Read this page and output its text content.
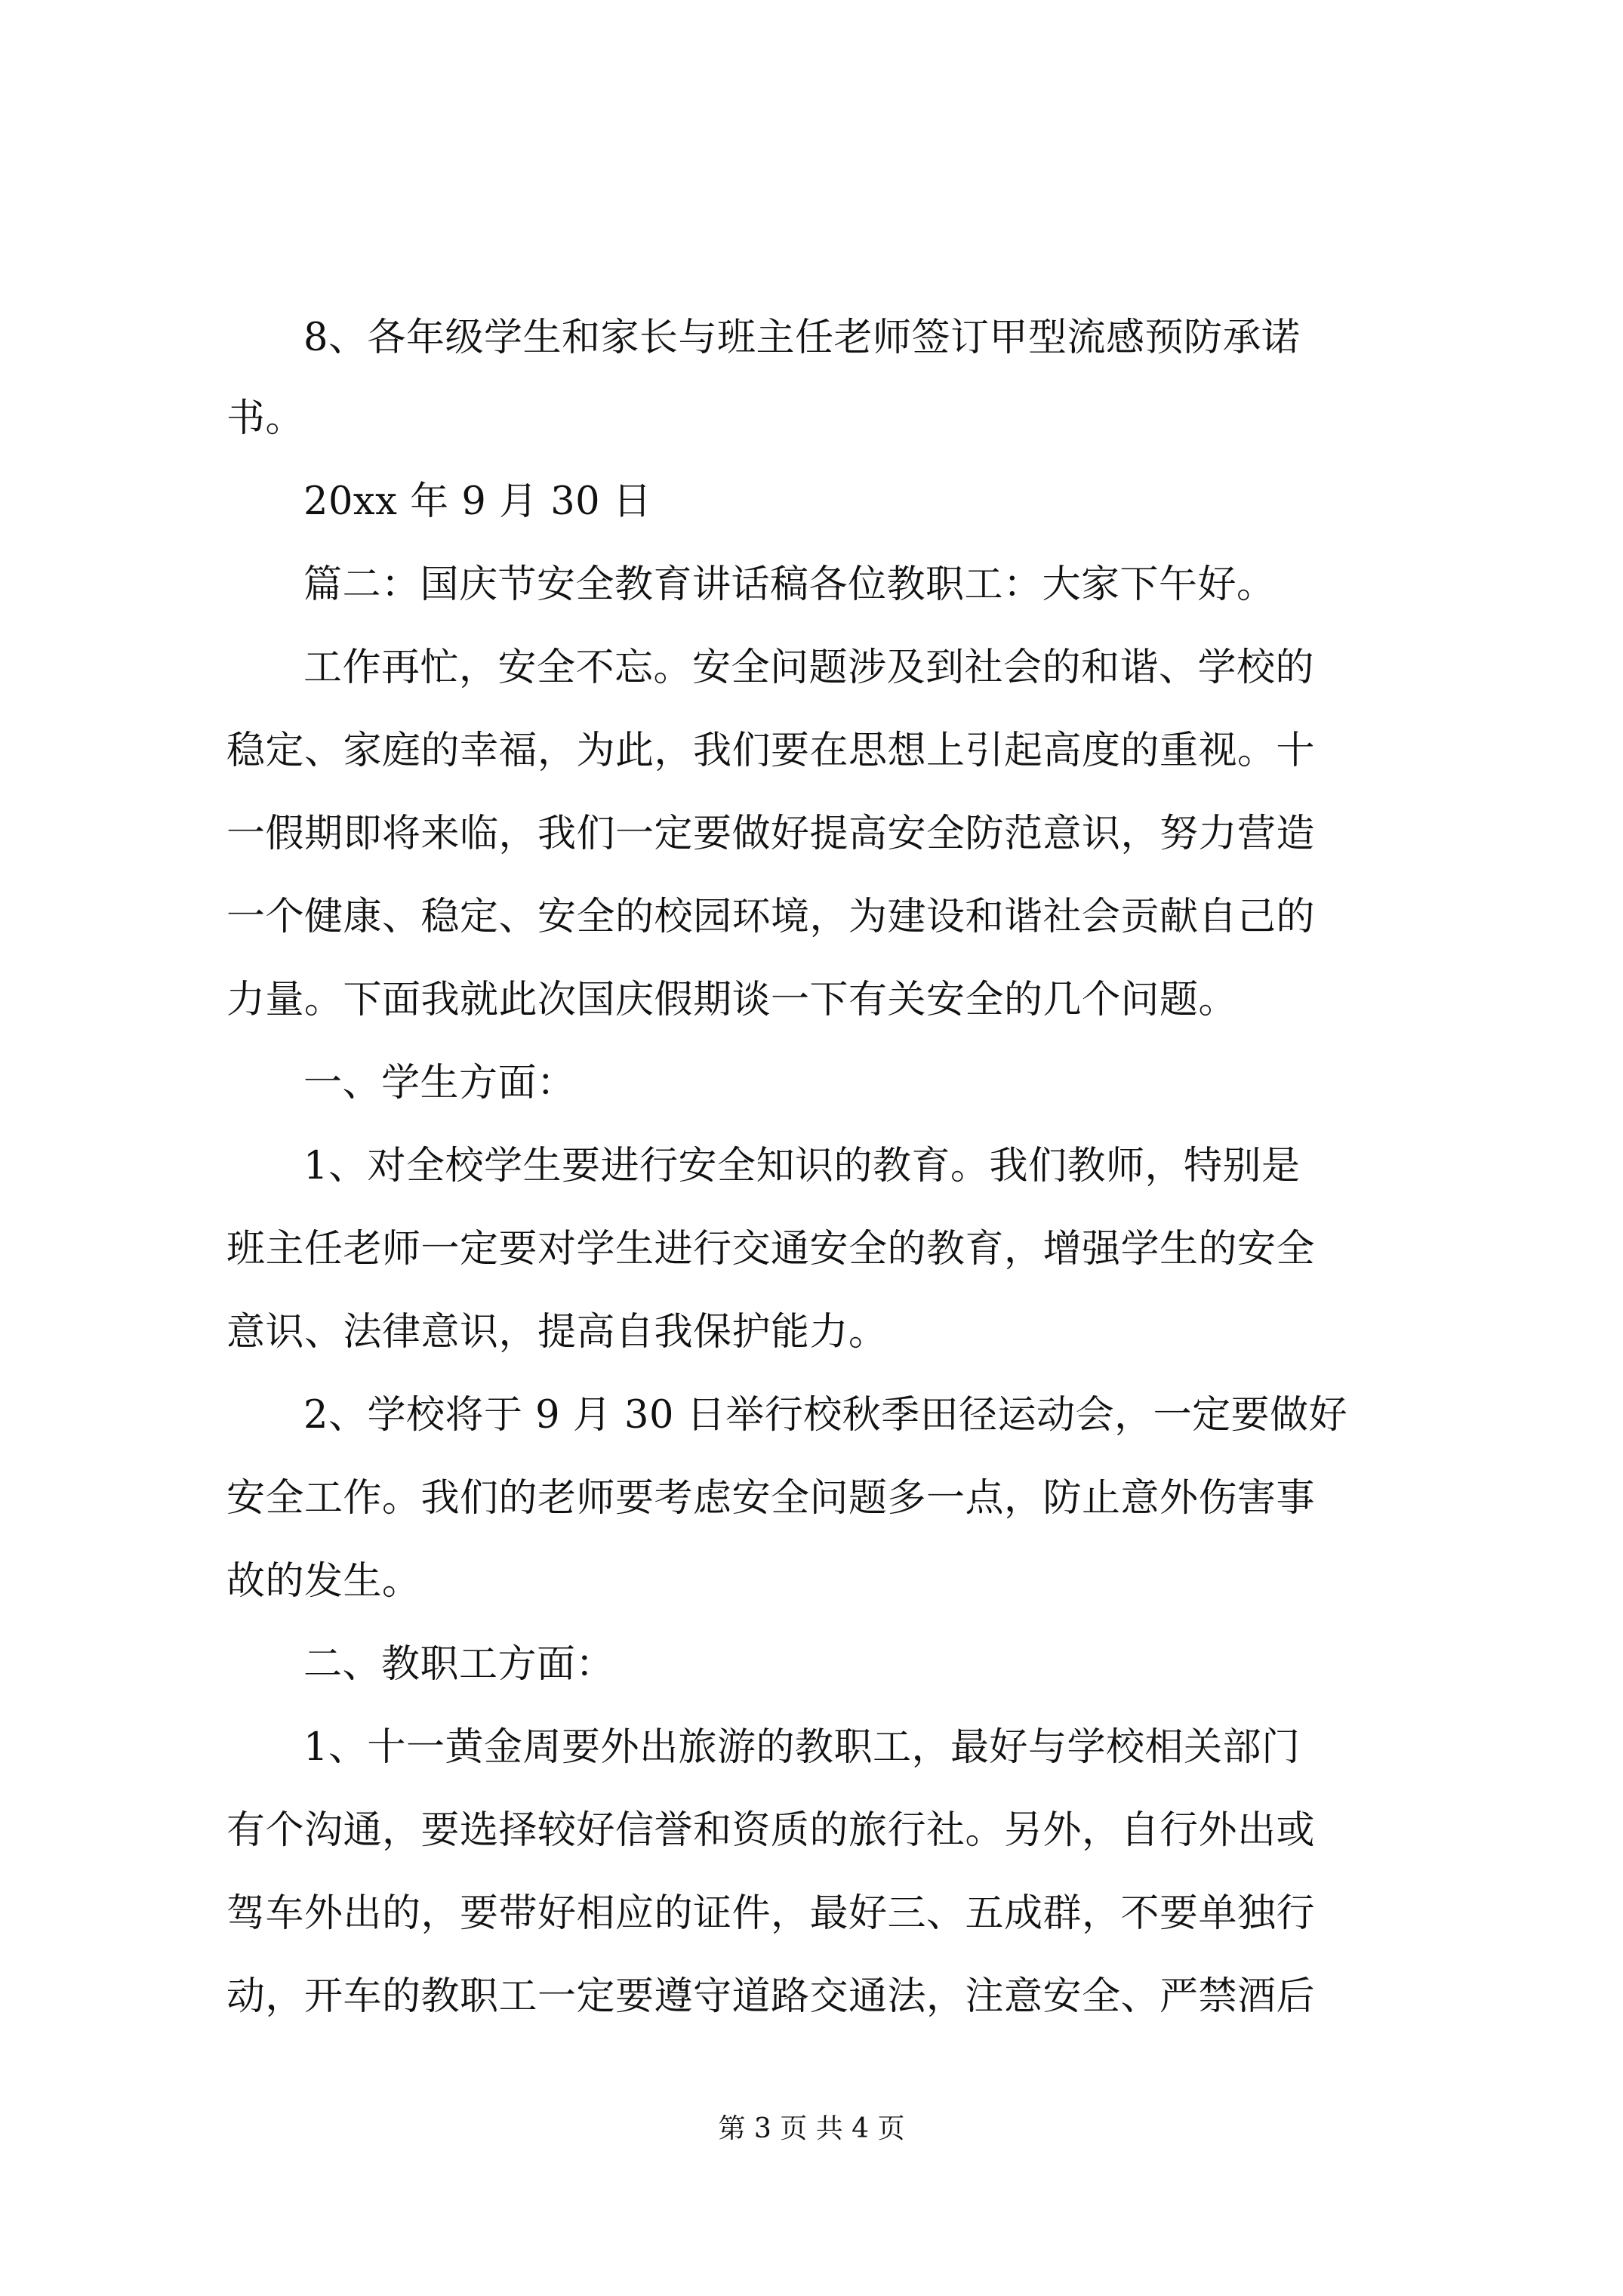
8、各年级学生和家长与班主任老师签订甲型流感预防承诺
书。
20xx 年 9 月 30 日
篇二：国庆节安全教育讲话稿各位教职工：大家下午好。
工作再忙，安全不忘。安全问题涉及到社会的和谐、学校的
稳定、家庭的幸福，为此，我们要在思想上引起高度的重视。十
一假期即将来临，我们一定要做好提高安全防范意识，努力营造
一个健康、稳定、安全的校园环境，为建设和谐社会贡献自己的
力量。下面我就此次国庆假期谈一下有关安全的几个问题。
一、学生方面：
1、对全校学生要进行安全知识的教育。我们教师，特别是
班主任老师一定要对学生进行交通安全的教育，增强学生的安全
意识、法律意识，提高自我保护能力。
2、学校将于 9 月 30 日举行校秋季田径运动会，一定要做好
安全工作。我们的老师要考虑安全问题多一点，防止意外伤害事
故的发生。
二、教职工方面：
1、十一黄金周要外出旅游的教职工，最好与学校相关部门
有个沟通，要选择较好信誉和资质的旅行社。另外，自行外出或
驾车外出的，要带好相应的证件，最好三、五成群，不要单独行
动，开车的教职工一定要遵守道路交通法，注意安全、严禁酒后
第 3 页 共 4 页
